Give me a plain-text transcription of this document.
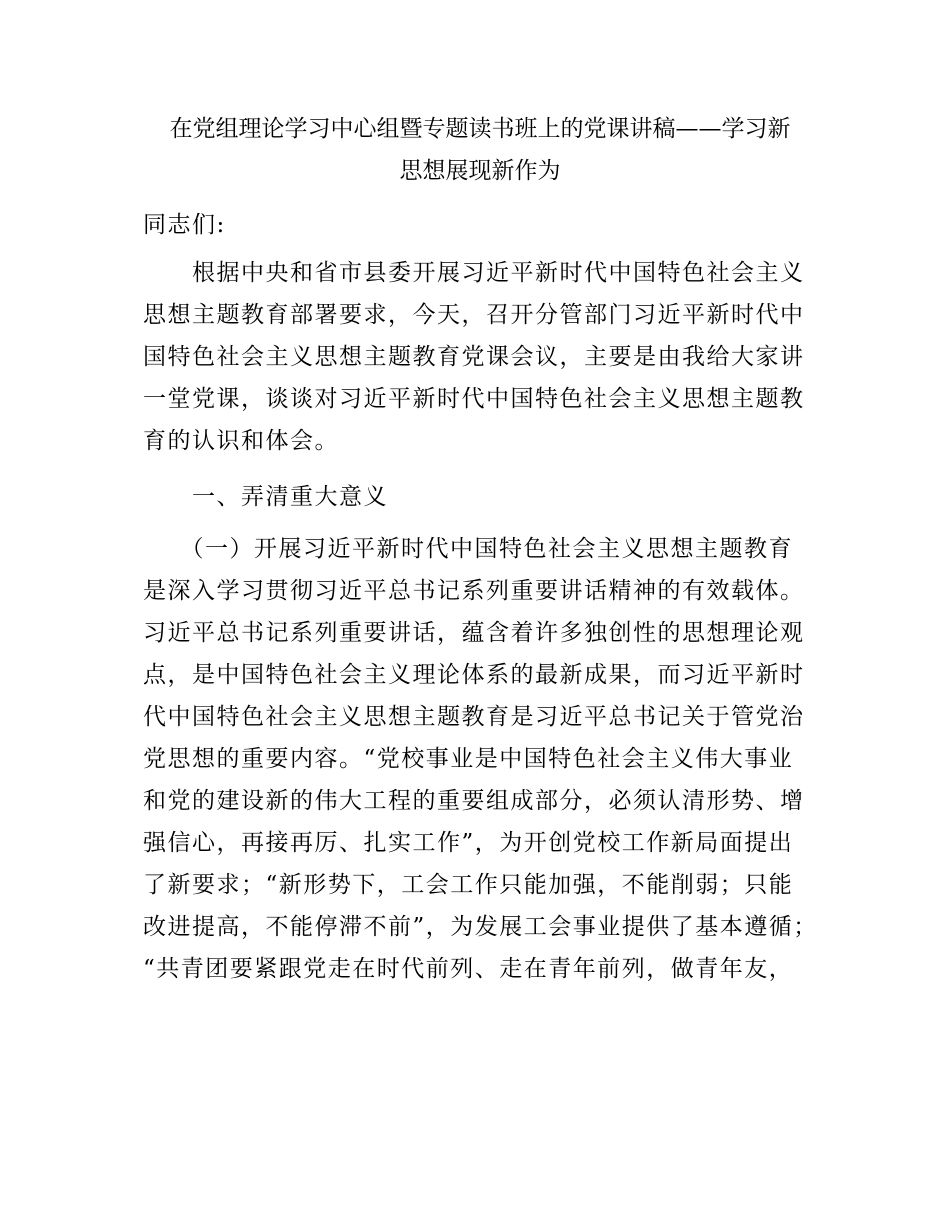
在党组理论学习中心组暨专题读书班上的党课讲稿——学习新
思想展现新作为
同志们:
　　根据中央和省市县委开展习近平新时代中国特色社会主义
思想主题教育部署要求，今天，召开分管部门习近平新时代中
国特色社会主义思想主题教育党课会议，主要是由我给大家讲
一堂党课，谈谈对习近平新时代中国特色社会主义思想主题教
育的认识和体会。
　　一、弄清重大意义
　　（一）开展习近平新时代中国特色社会主义思想主题教育
是深入学习贯彻习近平总书记系列重要讲话精神的有效载体。
习近平总书记系列重要讲话，蕴含着许多独创性的思想理论观
点，是中国特色社会主义理论体系的最新成果，而习近平新时
代中国特色社会主义思想主题教育是习近平总书记关于管党治
党思想的重要内容。“党校事业是中国特色社会主义伟大事业
和党的建设新的伟大工程的重要组成部分，必须认清形势、增
强信心，再接再厉、扎实工作”，为开创党校工作新局面提出
了新要求；“新形势下，工会工作只能加强，不能削弱；只能
改进提高，不能停滞不前”，为发展工会事业提供了基本遵循；
“共青团要紧跟党走在时代前列、走在青年前列，做青年友，
